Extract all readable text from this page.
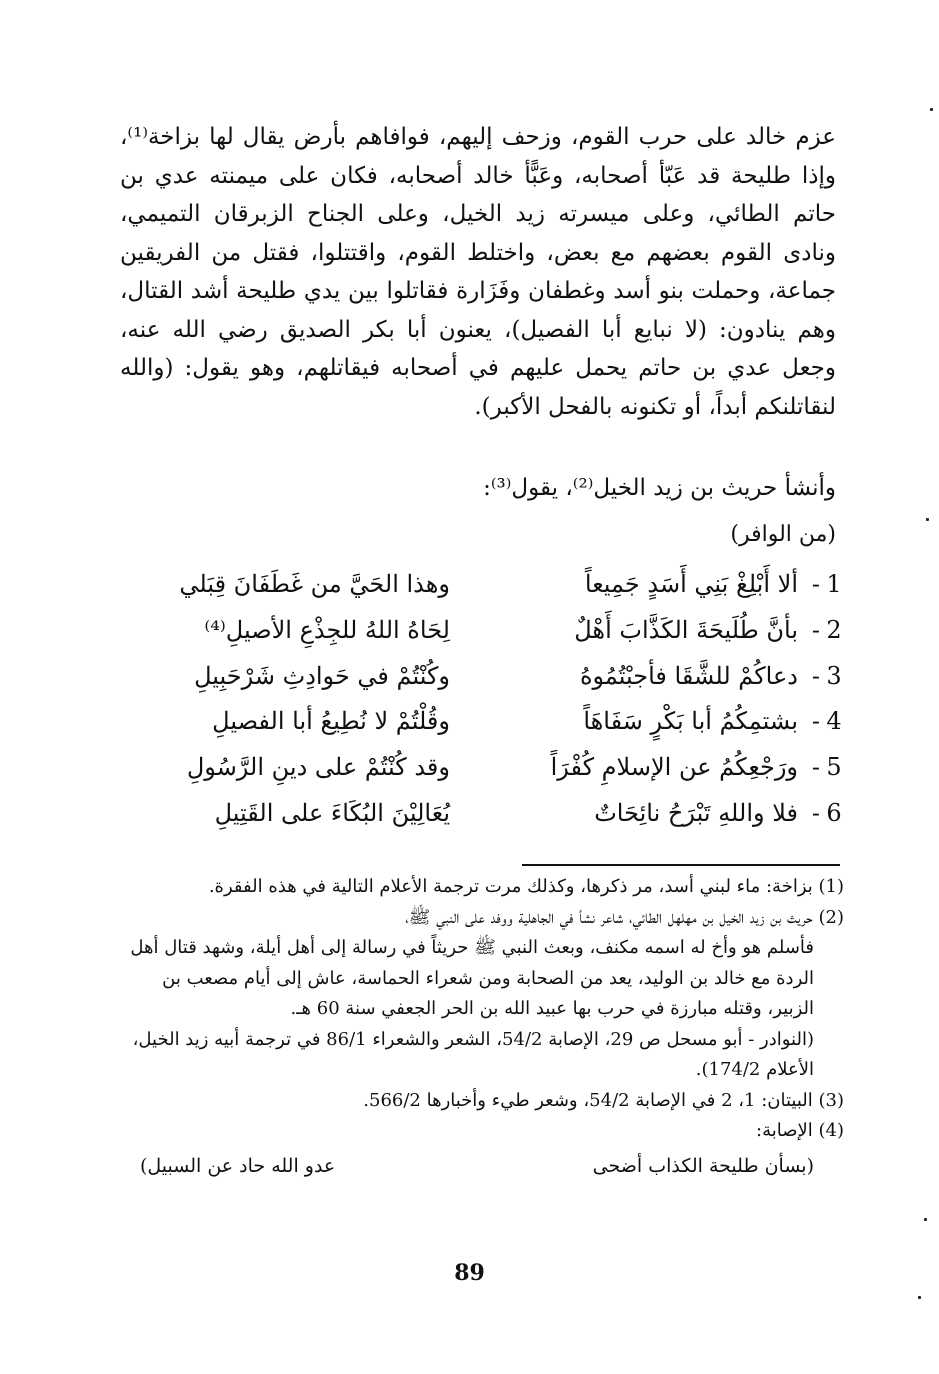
عزم خالد على حرب القوم، وزحف إليهم، فوافاهم بأرض يقال لها بزاخة⁽¹⁾، وإذا طليحة قد عَبّأ أصحابه، وعَبًّأ خالد أصحابه، فكان على ميمنته عدي بن حاتم الطائي، وعلى ميسرته زيد الخيل، وعلى الجناح الزبرقان التميمي، ونادى القوم بعضهم مع بعض، واختلط القوم، واقتتلوا، فقتل من الفريقين جماعة، وحملت بنو أسد وغطفان وفَزَارة فقاتلوا بين يدي طليحة أشد القتال، وهم ينادون: (لا نبايع أبا الفصيل)، يعنون أبا بكر الصديق رضي الله عنه، وجعل عدي بن حاتم يحمل عليهم في أصحابه فيقاتلهم، وهو يقول: (والله لنقاتلنكم أبداً، أو تكنونه بالفحل الأكبر).

وأنشأ حريث بن زيد الخيل⁽²⁾، يقول⁽³⁾:
(من الوافر)
1
-
ألا أَبْلِغْ بَنِي أَسَدٍ جَمِيعاً
وهذا الحَيَّ من غَطَفَانَ قِبَلي
2
-
بأنَّ طُلَيحَةَ الكَذَّابَ أَهْلٌ
لِحَاهُ اللهُ للجِذْعِ الأصيلِ⁽⁴⁾
3
-
دعاكُمْ للشَّقَا فأجبْتُمُوهُ
وكُنْتُمْ في حَوادِثِ شَرْحَبِيلِ
4
-
بشتمِكُمُ أبا بَكْرٍ سَفَاهَاً
وقُلْتُمْ لا نُطِيعُ أبا الفصيلِ
5
-
ورَجْعِكُمُ عن الإسلامِ كُفْرَاً
وقد كُنْتُمْ على دينِ الرَّسُولِ
6
-
فلا واللهِ تَبْرَحُ نائِحَاتٌ
يُعَالِيْنَ البُكَاءَ على القَتِيلِ

(1) بزاخة: ماء لبني أسد، مر ذكرها، وكذلك مرت ترجمة الأعلام التالية في هذه الفقرة.

(2) حريث بن زيد الخيل بن مهلهل الطائي، شاعر نشأ في الجاهلية ووفد على النبي ﷺ،

فأسلم هو وأخ له اسمه مكنف، وبعث النبي ﷺ حريثاً في رسالة إلى أهل أيلة، وشهد قتال أهل الردة مع خالد بن الوليد، يعد من الصحابة ومن شعراء الحماسة، عاش إلى أيام مصعب بن الزبير، وقتله مبارزة في حرب بها عبيد الله بن الحر الجعفي سنة 60 هـ.

(النوادر - أبو مسحل ص 29، الإصابة 54/2، الشعر والشعراء 86/1 في ترجمة أبيه زيد الخيل، الأعلام 174/2).

(3) البيتان: 1، 2 في الإصابة 54/2، وشعر طيء وأخبارها 566/2.

(4) الإصابة:

(بسأن طليحة الكذاب أضحى
عدو الله حاد عن السبيل)
89
